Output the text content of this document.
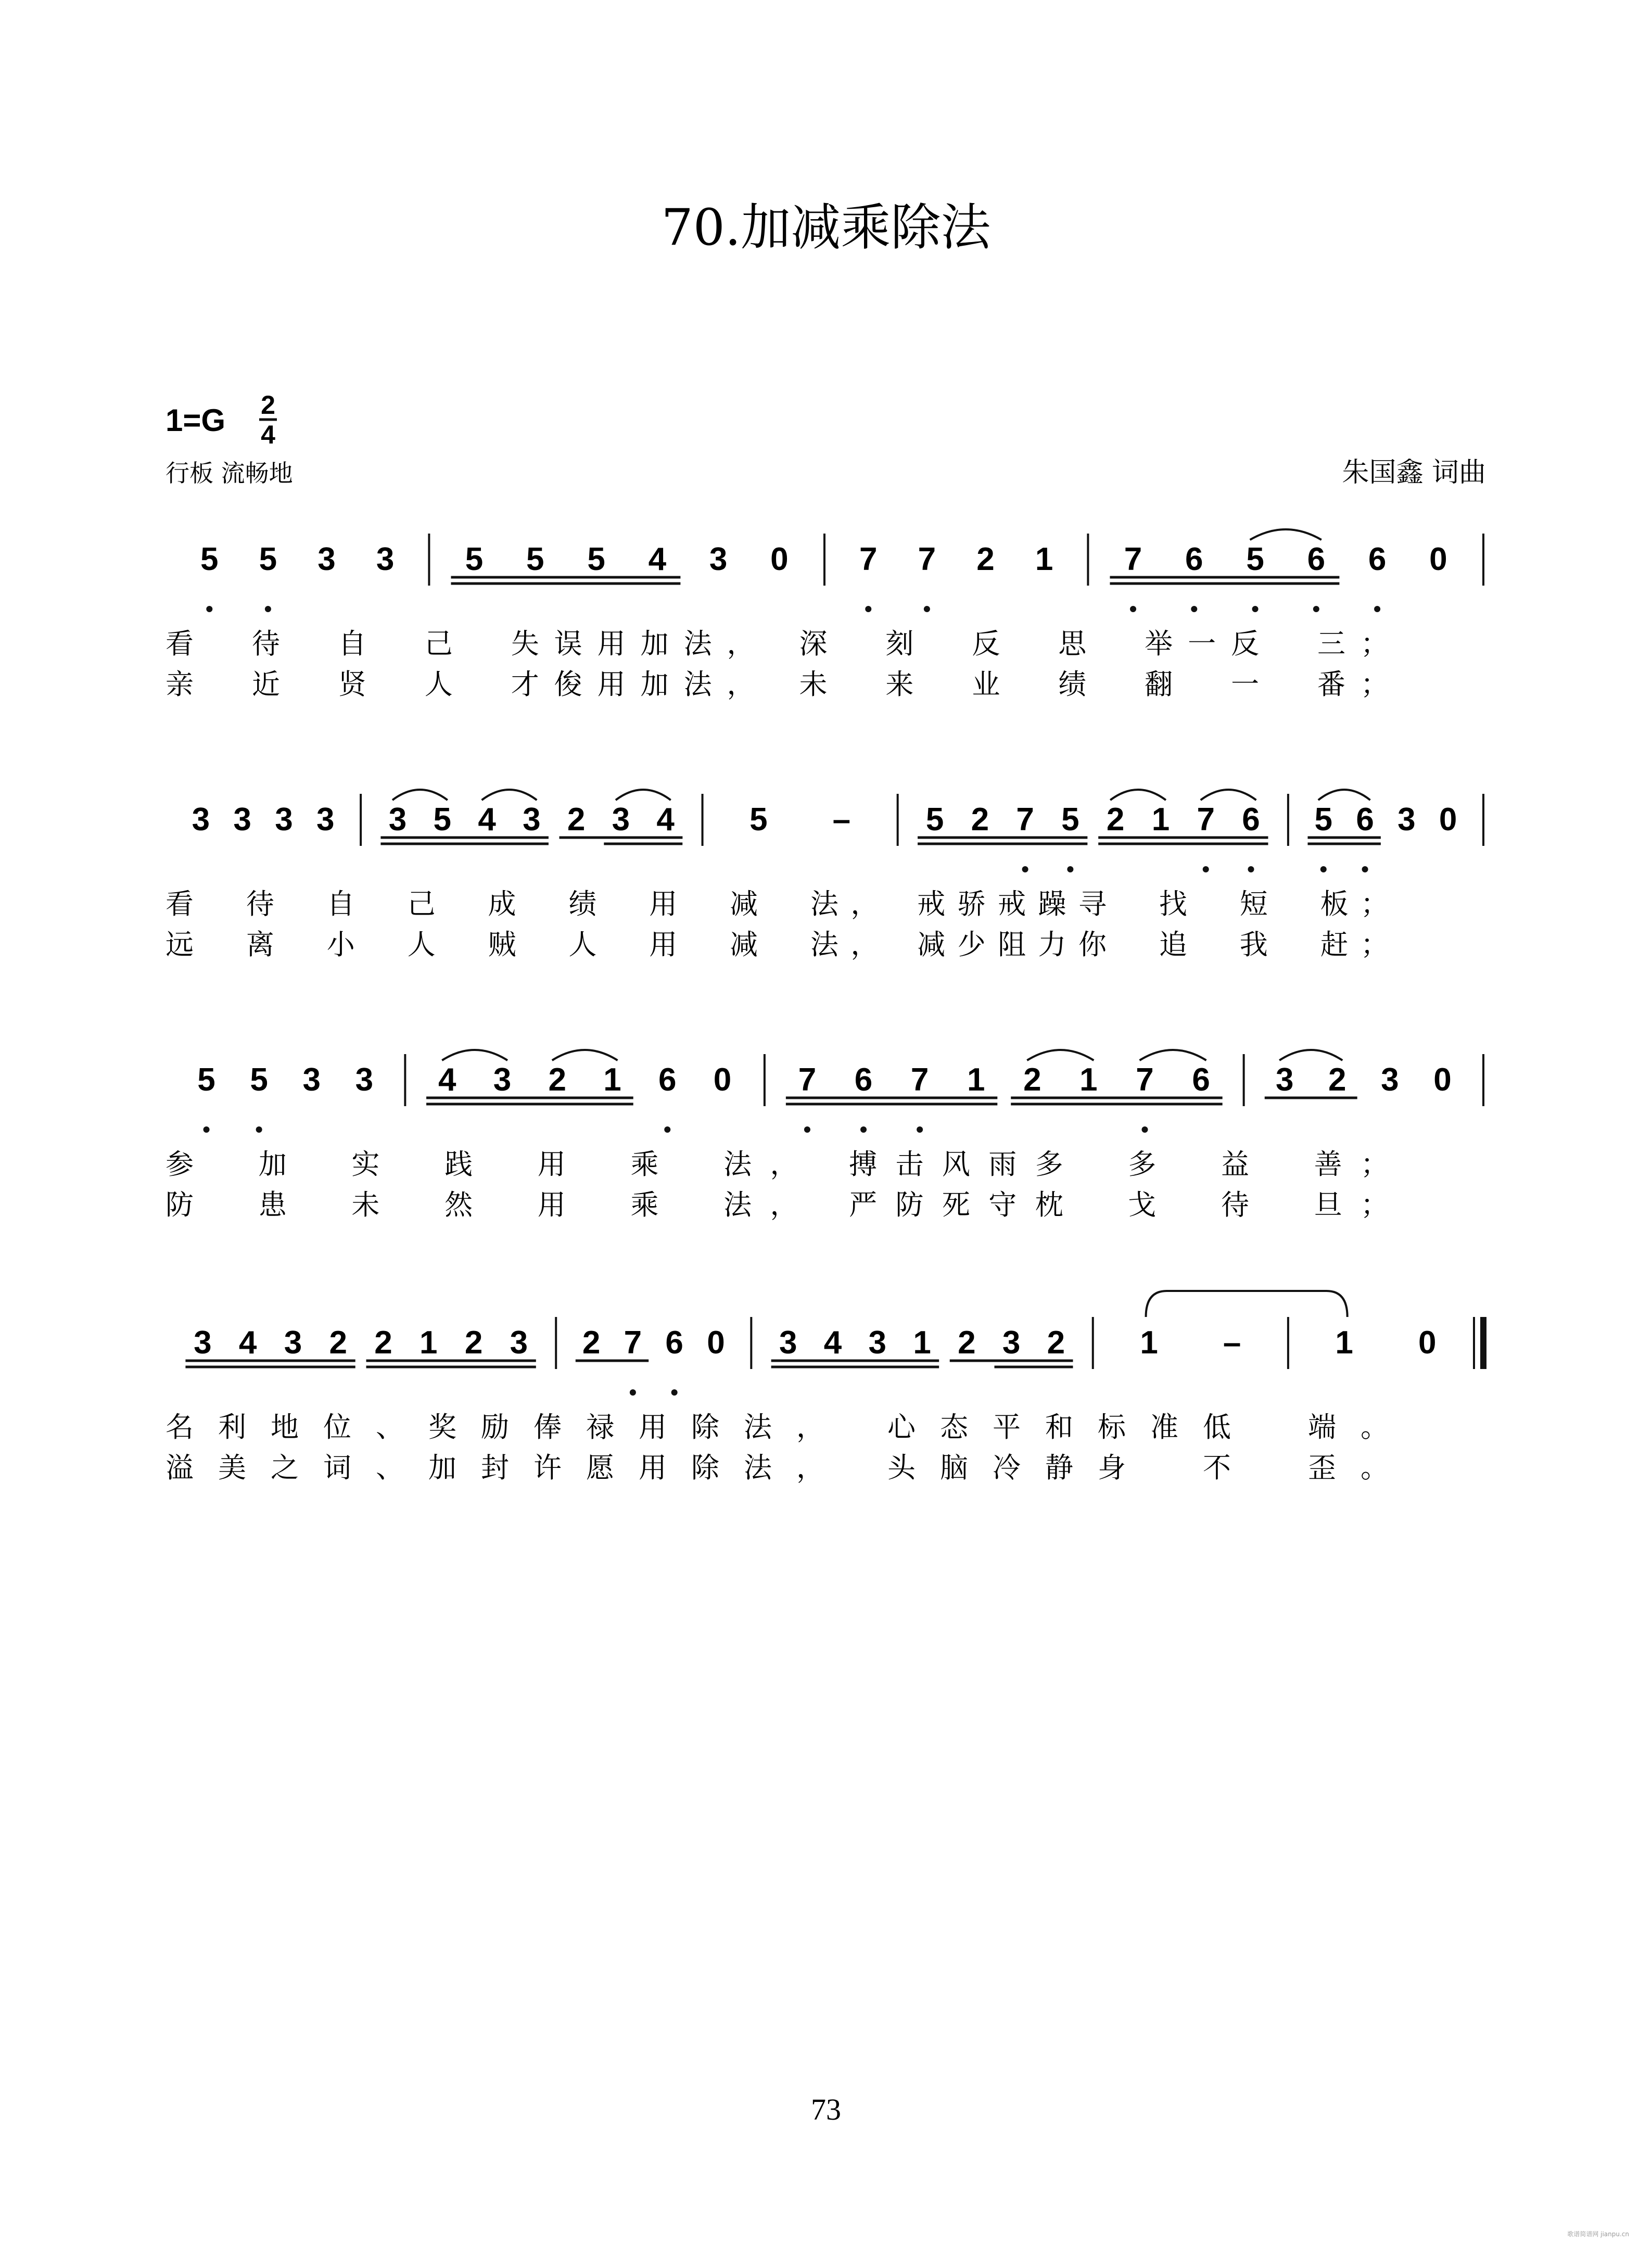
70.加减乘除法
1=G 2
4
行板 流畅地	朱国鑫 词曲
5 5 3 3 5 5 5 4 3 0 7 7 2 1 7 6 5 6 6 0
看　待　自　己　失误用加法，　深　刻　反　思　举一反　三；
亲　近　贤　人　才俊用加法，　未　来　业　绩　翻　一　番；
3 3 3 3 3 5 4 3 2 3 4 5 – 5 2 7 5 2 1 7 6 5 6 3 0
看　待　自　己　成　绩　用　减　法，　戒骄戒躁寻　找　短　板；
远　离　小　人　贼　人　用　减　法，　减少阻力你　追　我　赶；
5 5 3 3 4 3 2 1 6 0 7 6 7 1 2 1 7 6 3 2 3 0
参　加　实　践　用　乘　法，　搏击风雨多　多　益　善；
防　患　未　然　用　乘　法，　严防死守枕　戈　待　旦；
3 4 3 2 2 1 2 3 2 7 6 0 3 4 3 1 2 3 2 1 –	1 0
名利地位、奖励俸禄用除法，　心态平和标准低　端。
溢美之词、加封许愿用除法，　头脑冷静身　不　歪。
73
歌谱简谱网 jianpu.cn
